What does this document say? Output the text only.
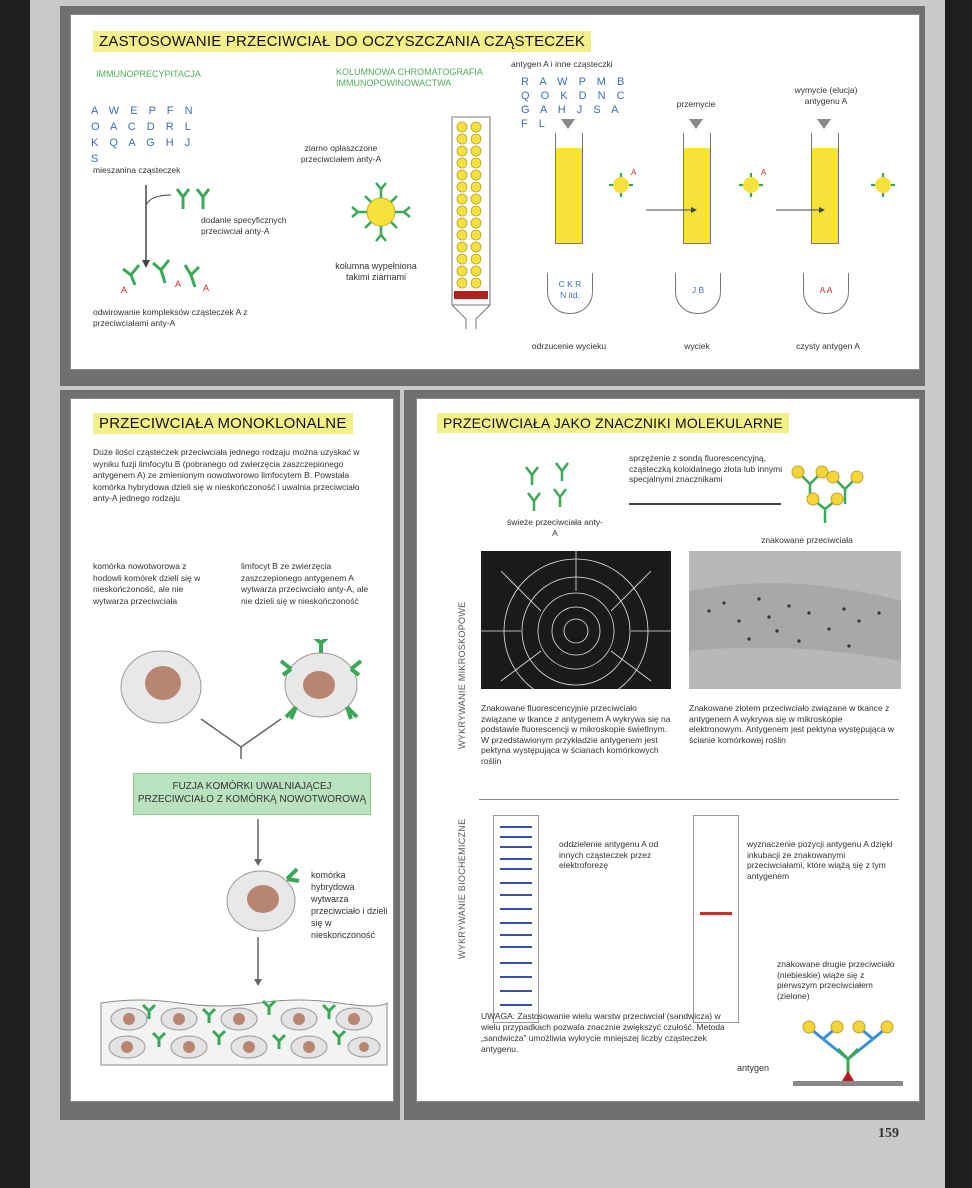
ZASTOSOWANIE PRZECIWCIAŁ DO OCZYSZCZANIA CZĄSTECZEK
IMMUNOPRECYPITACJA
A W E P F N O A C D R L K Q A G H J S
mieszanina cząsteczek
A
A A
dodanie specyficznych przeciwciał anty-A
odwirowanie kompleksów cząsteczek A z przeciwciałami anty-A
KOLUMNOWA CHROMATOGRAFIA IMMUNOPOWINOWACTWA
ziarno opłaszczone przeciwciałem anty-A
kolumna wypełniona takimi ziarnami
antygen A i inne cząsteczki
R A W P M B Q O K D N C G A H J S A F L
przemycie
wymycie (elucja) antygenu A
A	A
C K R N itd.	J B	A A
odrzucenie wycieku	wyciek	czysty antygen A
PRZECIWCIAŁA MONOKLONALNE
Duże ilości cząsteczek przeciwciała jednego rodzaju można uzyskać w wyniku fuzji limfocytu B (pobranego od zwierzęcia zaszczepionego antygenem A) ze zmienionym nowotworowo limfocytem B. Powstała komórka hybrydowa dzieli się w nieskończoność i uwalnia przeciwciało anty-A jednego rodzaju
komórka nowotworowa z hodowli komórek dzieli się w nieskończoność, ale nie wytwarza przeciwciała
limfocyt B ze zwierzęcia zaszczepionego antygenem A wytwarza przeciwciało anty-A, ale nie dzieli się w nieskończoność
FUZJA KOMÓRKI UWALNIAJĄCEJ PRZECIWCIAŁO Z KOMÓRKĄ NOWOTWOROWĄ
komórka hybrydowa wytwarza przeciwciało i dzieli się w nieskończoność
PRZECIWCIAŁA JAKO ZNACZNIKI MOLEKULARNE
świeże przeciwciała anty-A
sprzężenie z sondą fluorescencyjną, cząsteczką koloidalnego złota lub innymi specjalnymi znacznikami
znakowane przeciwciała
WYKRYWANIE MIKROSKOPOWE Znakowane fluorescencyjnie przeciwciało związane w tkance z antygenem A wykrywa się na podstawie fluorescencji w mikroskopie świetlnym. W przedstawionym przykładzie antygenem jest pektyna występująca w ścianach komórkowych roślin
Znakowane złotem przeciwciało związane w tkance z antygenem A wykrywa się w mikroskopie elektronowym. Antygenem jest pektyna występująca w ścianie komórkowej roślin
WYKRYWANIE BIOCHEMICZNE	oddzielenie antygenu A od innych cząsteczek przez elektroforezę
wyznaczenie pozycji antygenu A dzięki inkubacji ze znakowanymi przeciwciałami, które wiążą się z tym antygenem
znakowane drugie przeciwciało (niebieskie) wiąże się z pierwszym przeciwciałem (zielone)
UWAGA: Zastosowanie wielu warstw przeciwciał (sandwicza) w wielu przypadkach pozwala znacznie zwiększyć czułość. Metoda „sandwicza” umożliwia wykrycie mniejszej liczby cząsteczek antygenu.
antygen
159
